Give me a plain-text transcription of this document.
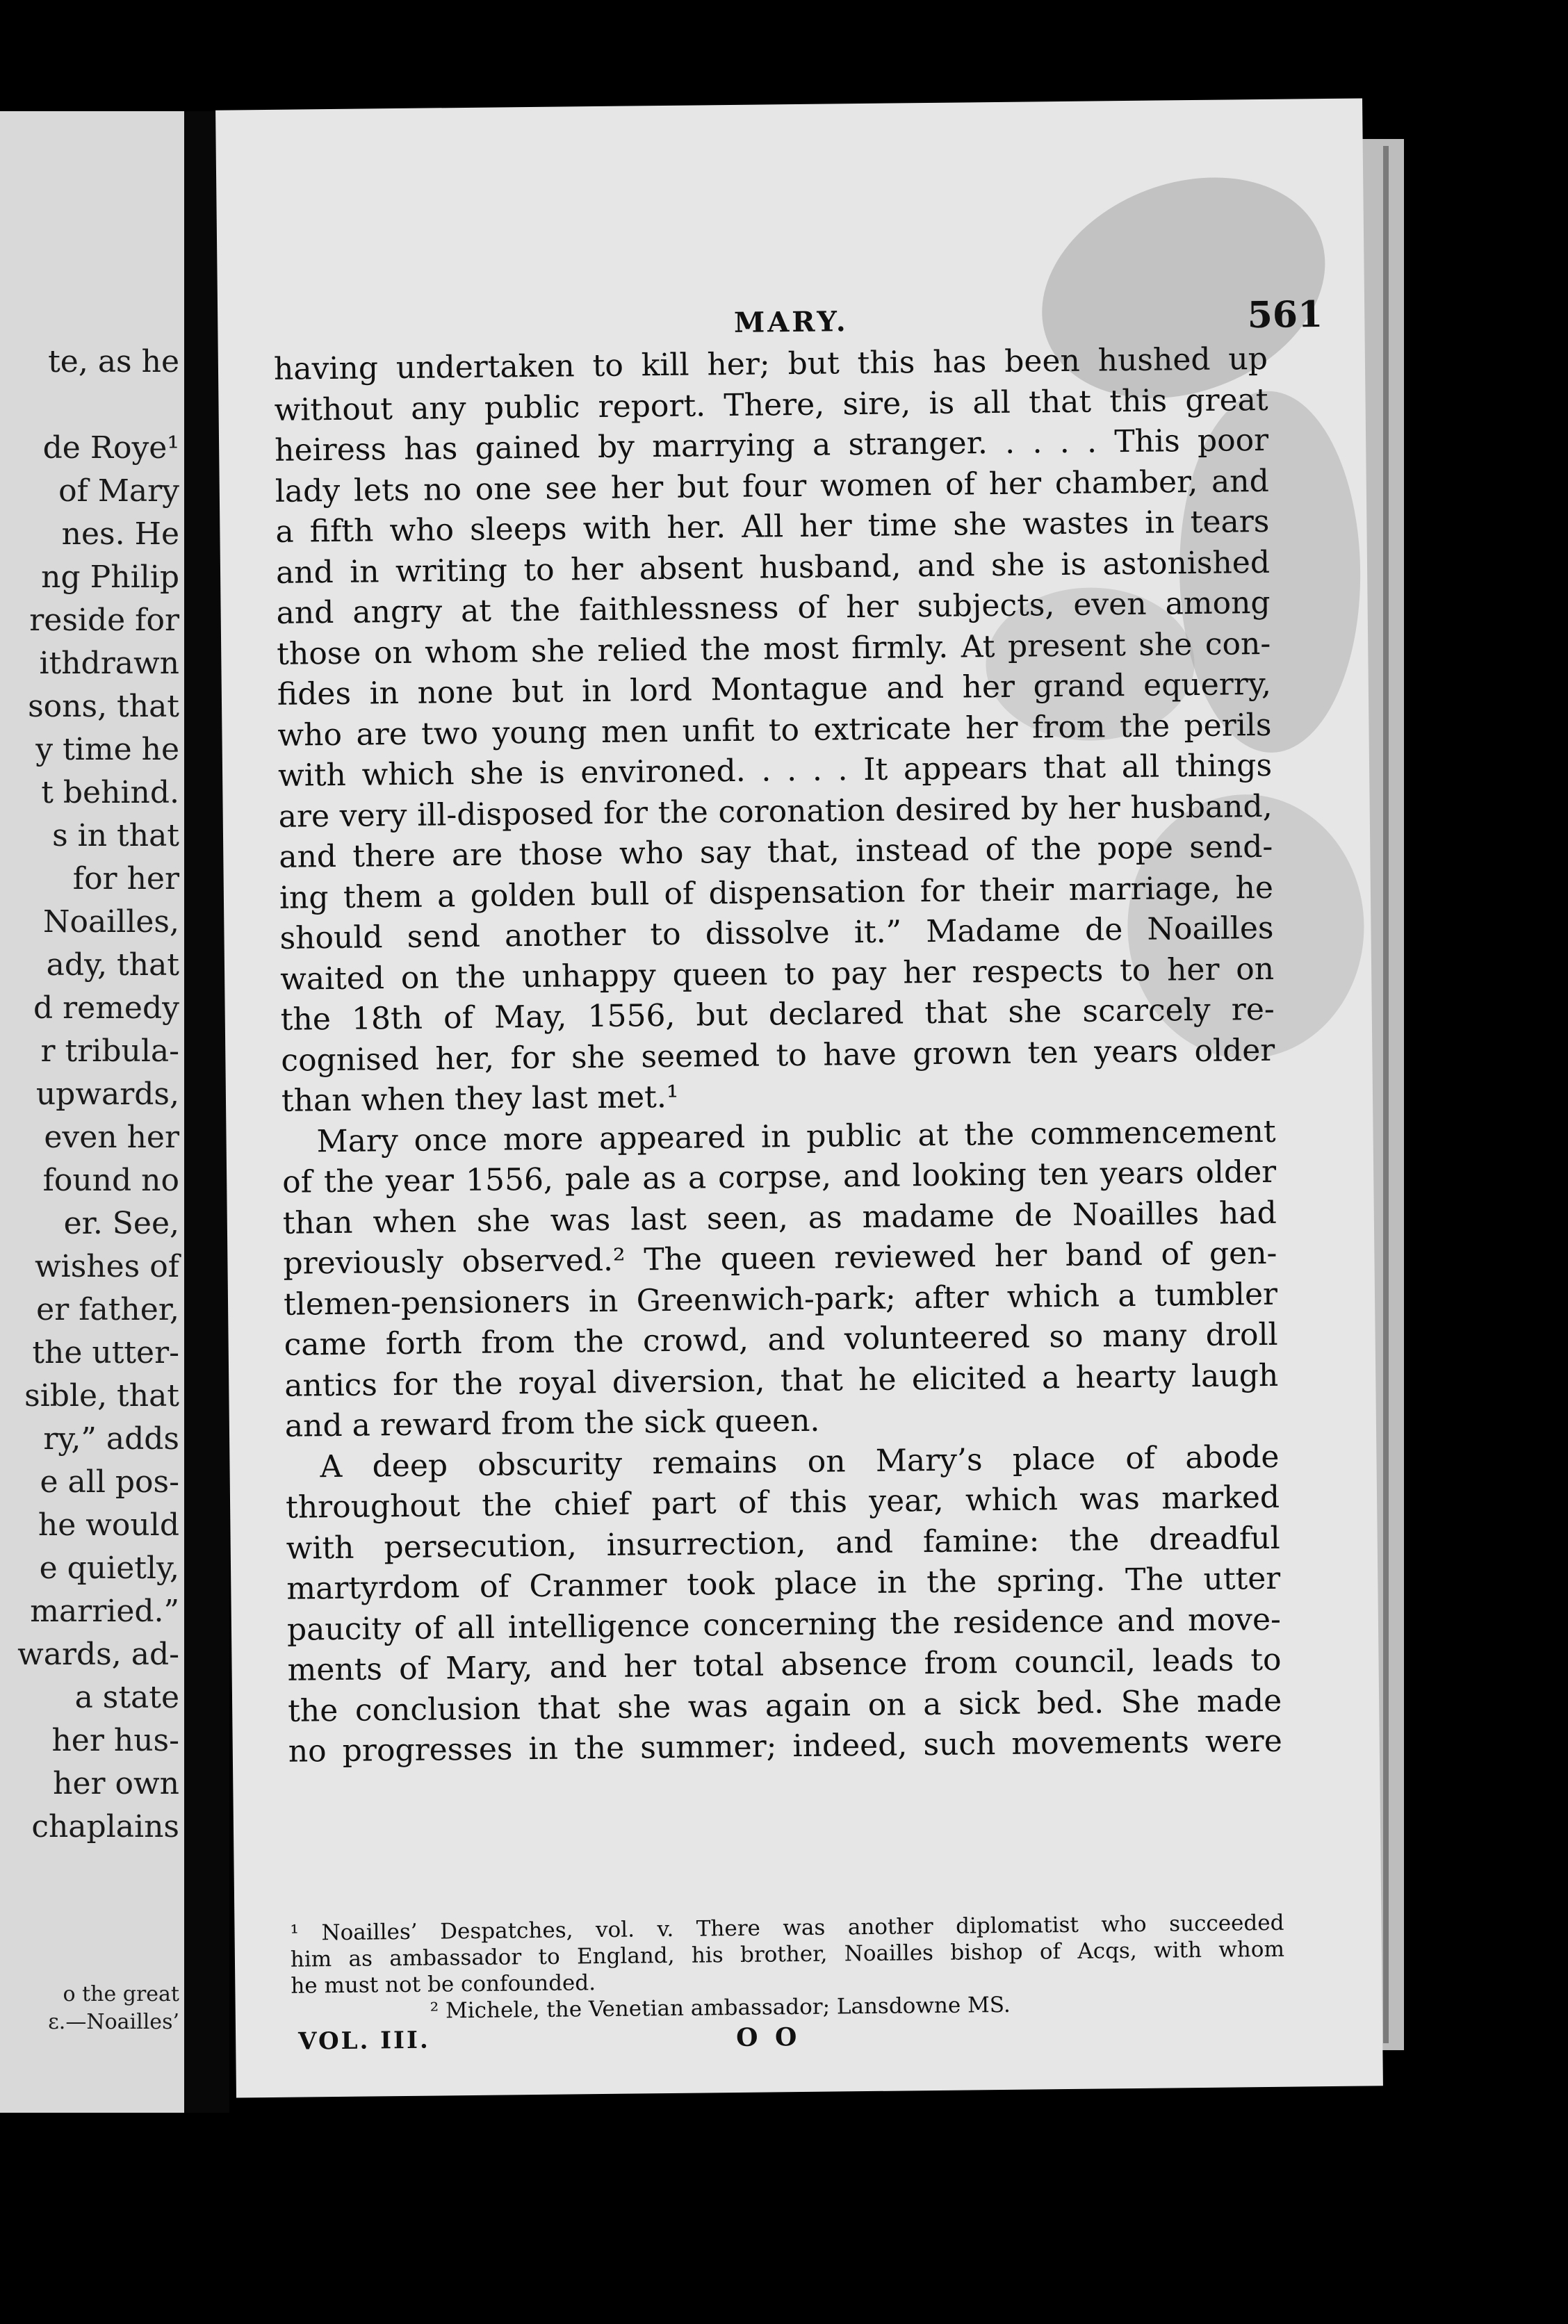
te, as he
de Roye¹
of Mary
nes. He
ng Philip
reside for
ithdrawn
sons, that
y time he
t behind.
s in that
for her
Noailles,
ady, that
d remedy
r tribula-
upwards,
even her
found no
er. See,
wishes of
er father,
the utter-
sible, that
ry,” adds
e all pos-
he would
e quietly,
married.”
wards, ad-
a state
her hus-
her own
chaplains
o the great
ε.—Noailles’
MARY.	561
having undertaken to kill her; but this has been hushed up
without any public report. There, sire, is all that this great
heiress has gained by marrying a stranger. . . . . This poor
lady lets no one see her but four women of her chamber, and
a fifth who sleeps with her. All her time she wastes in tears
and in writing to her absent husband, and she is astonished
and angry at the faithlessness of her subjects, even among
those on whom she relied the most firmly. At present she con-
fides in none but in lord Montague and her grand equerry,
who are two young men unfit to extricate her from the perils
with which she is environed. . . . . It appears that all things
are very ill-disposed for the coronation desired by her husband,
and there are those who say that, instead of the pope send-
ing them a golden bull of dispensation for their marriage, he
should send another to dissolve it.” Madame de Noailles
waited on the unhappy queen to pay her respects to her on
the 18th of May, 1556, but declared that she scarcely re-
cognised her, for she seemed to have grown ten years older
than when they last met.¹
Mary once more appeared in public at the commencement
of the year 1556, pale as a corpse, and looking ten years older
than when she was last seen, as madame de Noailles had
previously observed.² The queen reviewed her band of gen-
tlemen-pensioners in Greenwich-park; after which a tumbler
came forth from the crowd, and volunteered so many droll
antics for the royal diversion, that he elicited a hearty laugh
and a reward from the sick queen.
A deep obscurity remains on Mary’s place of abode
throughout the chief part of this year, which was marked
with persecution, insurrection, and famine: the dreadful
martyrdom of Cranmer took place in the spring. The utter
paucity of all intelligence concerning the residence and move-
ments of Mary, and her total absence from council, leads to
the conclusion that she was again on a sick bed. She made
no progresses in the summer; indeed, such movements were
¹ Noailles’ Despatches, vol. v. There was another diplomatist who succeeded
him as ambassador to England, his brother, Noailles bishop of Acqs, with whom
he must not be confounded.
² Michele, the Venetian ambassador; Lansdowne MS.
VOL. III.	O O
